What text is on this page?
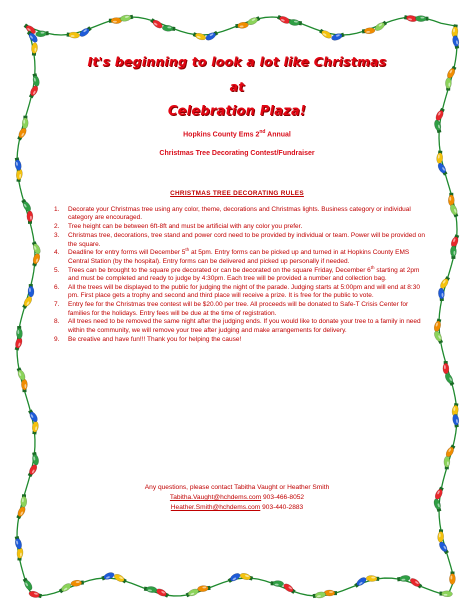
It's beginning to look a lot like Christmas
at
Celebration Plaza!
Hopkins County Ems 2nd Annual
Christmas Tree Decorating Contest/Fundraiser
CHRISTMAS TREE DECORATING RULES
1. Decorate your Christmas tree using any color, theme, decorations and Christmas lights. Business category or individual category are encouraged.
2. Tree height can be between 6ft-8ft and must be artificial with any color you prefer.
3. Christmas tree, decorations, tree stand and power cord need to be provided by individual or team. Power will be provided on the square.
4. Deadline for entry forms will December 5th at 5pm. Entry forms can be picked up and turned in at Hopkins County EMS Central Station (by the hospital). Entry forms can be delivered and picked up personally if needed.
5. Trees can be brought to the square pre decorated or can be decorated on the square Friday, December 6th starting at 2pm and must be completed and ready to judge by 4:30pm. Each tree will be provided a number and collection bag.
6. All the trees will be displayed to the public for judging the night of the parade. Judging starts at 5:00pm and will end at 8:30 pm. First place gets a trophy and second and third place will receive a prize. It is free for the public to vote.
7. Entry fee for the Christmas tree contest will be $20.00 per tree. All proceeds will be donated to Safe-T Crisis Center for families for the holidays. Entry fees will be due at the time of registration.
8. All trees need to be removed the same night after the judging ends. If you would like to donate your tree to a family in need within the community, we will remove your tree after judging and make arrangements for delivery.
9. Be creative and have fun!!! Thank you for helping the cause!
Any questions, please contact Tabitha Vaught or Heather Smith
Tabitha.Vaught@hchdems.com 903-466-8052
Heather.Smith@hchdems.com 903-440-2883
